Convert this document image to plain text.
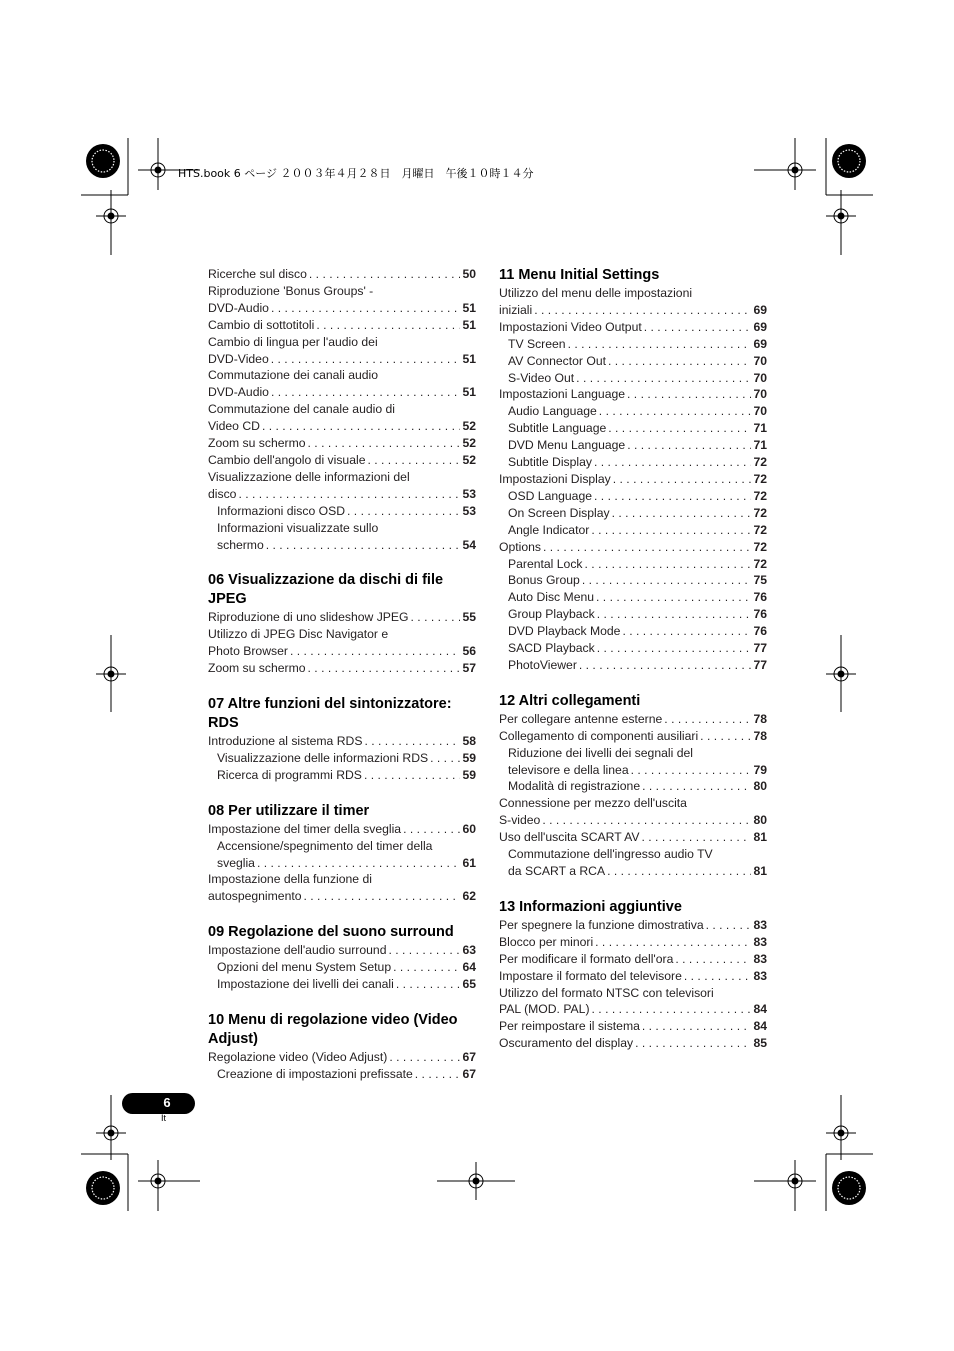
HTS.book 6 ページ ２００３年４月２８日　月曜日　午後１０時１４分
Ricerche sul disco . . .	50
Riproduzione 'Bonus Groups' -
DVD-Audio . . .	51
Cambio di sottotitoli . . .	51
Cambio di lingua per l'audio dei
DVD-Video . . .	51
Commutazione dei canali audio
DVD-Audio . . .	51
Commutazione del canale audio di
Video CD . . .	52
Zoom su schermo . . .	52
Cambio dell'angolo di visuale . . .	52
Visualizzazione delle informazioni del
disco . . .	53
Informazioni disco OSD . . .	53
Informazioni visualizzate sullo
schermo . . .	54
06 Visualizzazione da dischi di file JPEG
Riproduzione di uno slideshow JPEG . . .	55
Utilizzo di JPEG Disc Navigator e
Photo Browser . . .	56
Zoom su schermo . . .	57
07 Altre funzioni del sintonizzatore: RDS
Introduzione al sistema RDS . . .	58
Visualizzazione delle informazioni RDS . . .	59
Ricerca di programmi RDS . . .	59
08 Per utilizzare il timer
Impostazione del timer della sveglia . . .	60
Accensione/spegnimento del timer della
sveglia . . .	61
Impostazione della funzione di
autospegnimento . . .	62
09 Regolazione del suono surround
Impostazione dell'audio surround . . .	63
Opzioni del menu System Setup . . .	64
Impostazione dei livelli dei canali . . .	65
10 Menu di regolazione video (Video Adjust)
Regolazione video (Video Adjust) . . .	67
Creazione di impostazioni prefissate . . .	67
11 Menu Initial Settings
Utilizzo del menu delle impostazioni
iniziali . . .	69
Impostazioni Video Output . . .	69
TV Screen . . .	69
AV Connector Out . . .	70
S-Video Out . . .	70
Impostazioni Language . . .	70
Audio Language . . .	70
Subtitle Language . . .	71
DVD Menu Language . . .	71
Subtitle Display . . .	72
Impostazioni Display . . .	72
OSD Language . . .	72
On Screen Display . . .	72
Angle Indicator . . .	72
Options . . .	72
Parental Lock . . .	72
Bonus Group . . .	75
Auto Disc Menu . . .	76
Group Playback . . .	76
DVD Playback Mode . . .	76
SACD Playback . . .	77
PhotoViewer . . .	77
12 Altri collegamenti
Per collegare antenne esterne . . .	78
Collegamento di componenti ausiliari . . .	78
Riduzione dei livelli dei segnali del
televisore e della linea . . .	79
Modalità di registrazione . . .	80
Connessione per mezzo dell'uscita
S-video . . .	80
Uso dell'uscita SCART AV . . .	81
Commutazione dell'ingresso audio TV
da SCART a RCA . . .	81
13 Informazioni aggiuntive
Per spegnere la funzione dimostrativa . . .	83
Blocco per minori . . .	83
Per modificare il formato dell'ora . . .	83
Impostare il formato del televisore . . .	83
Utilizzo del formato NTSC con televisori
PAL (MOD. PAL) . . .	84
Per reimpostare il sistema . . .	84
Oscuramento del display . . .	85
6
It
